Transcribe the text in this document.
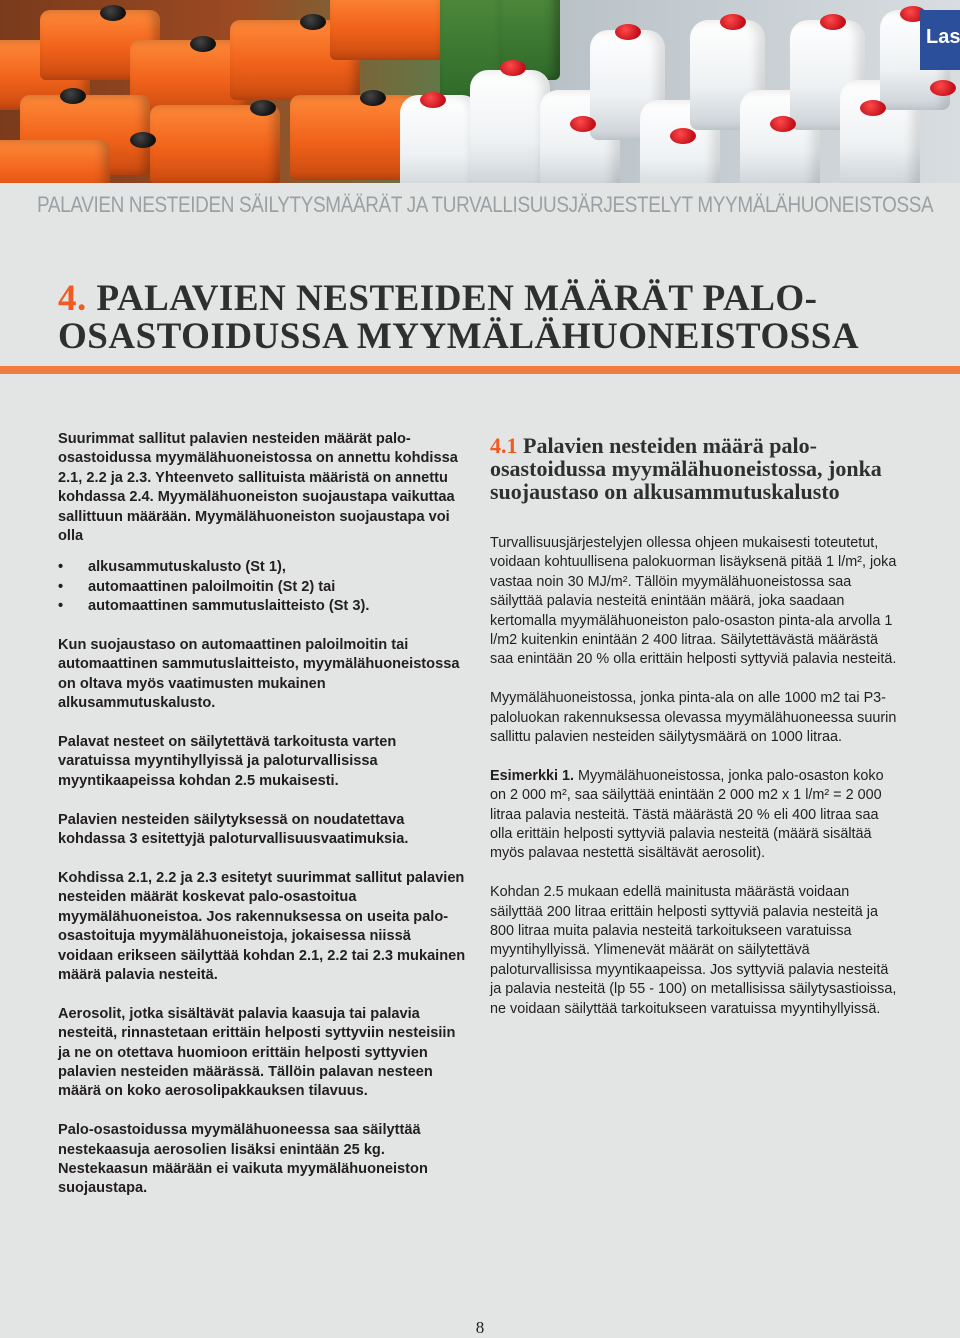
Las
PALAVIEN NESTEIDEN SÄILYTYSMÄÄRÄT JA TURVALLISUUSJÄRJESTELYT MYYMÄLÄHUONEISTOSSA
4. PALAVIEN NESTEIDEN MÄÄRÄT PALO-
OSASTOIDUSSA MYYMÄLÄHUONEISTOSSA

Suurimmat sallitut palavien nesteiden määrät palo-osastoidussa myymälähuoneistossa on annettu kohdissa 2.1, 2.2 ja 2.3. Yhteenveto sallituista määristä on annettu kohdassa 2.4. Myymälähuoneiston suojaustapa vaikuttaa sallittuun määrään. Myymälähuoneiston suojaustapa voi olla

• alkusammutuskalusto (St 1),
• automaattinen paloilmoitin (St 2) tai
• automaattinen sammutuslaitteisto (St 3).

Kun suojaustaso on automaattinen paloilmoitin tai automaattinen sammutuslaitteisto, myymälähuoneistossa on oltava myös vaatimusten mukainen alkusammutuskalusto.

Palavat nesteet on säilytettävä tarkoitusta varten varatuissa myyntihyllyissä ja paloturvallisissa myyntikaapeissa kohdan 2.5 mukaisesti.

Palavien nesteiden säilytyksessä on noudatettava kohdassa 3 esitettyjä paloturvallisuusvaatimuksia.

Kohdissa 2.1, 2.2 ja 2.3 esitetyt suurimmat sallitut palavien nesteiden määrät koskevat palo-osastoitua myymälähuoneistoa. Jos rakennuksessa on useita palo-osastoituja myymälähuoneistoja, jokaisessa niissä voidaan erikseen säilyttää kohdan 2.1, 2.2 tai 2.3 mukainen määrä palavia nesteitä.

Aerosolit, jotka sisältävät palavia kaasuja tai palavia nesteitä, rinnastetaan erittäin helposti syttyviin nesteisiin ja ne on otettava huomioon erittäin helposti syttyvien palavien nesteiden määrässä. Tällöin palavan nesteen määrä on koko aerosolipakkauksen tilavuus.

Palo-osastoidussa myymälähuoneessa saa säilyttää nestekaasuja aerosolien lisäksi enintään 25 kg. Nestekaasun määrään ei vaikuta myymälähuoneiston suojaustapa.

4.1 Palavien nesteiden määrä palo-osastoidussa myymälähuoneistossa, jonka suojaustaso on alkusammutuskalusto

Turvallisuusjärjestelyjen ollessa ohjeen mukaisesti toteutetut, voidaan kohtuullisena palokuorman lisäyksenä pitää 1 l/m², joka vastaa noin 30 MJ/m². Tällöin myymälähuoneistossa saa säilyttää palavia nesteitä enintään määrä, joka saadaan kertomalla myymälähuoneiston palo-osaston pinta-ala arvolla 1 l/m2 kuitenkin enintään 2 400 litraa. Säilytettävästä määrästä saa enintään 20 % olla erittäin helposti syttyviä palavia nesteitä.

Myymälähuoneistossa, jonka pinta-ala on alle 1000 m2 tai P3-paloluokan rakennuksessa olevassa myymälähuoneessa suurin sallittu palavien nesteiden säilytysmäärä on 1000 litraa.

Esimerkki 1. Myymälähuoneistossa, jonka palo-osaston koko on 2 000 m², saa säilyttää enintään 2 000 m2 x 1 l/m² = 2 000 litraa palavia nesteitä. Tästä määrästä 20 % eli 400 litraa saa olla erittäin helposti syttyviä palavia nesteitä (määrä sisältää myös palavaa nestettä sisältävät aerosolit).

Kohdan 2.5 mukaan edellä mainitusta määrästä voidaan säilyttää 200 litraa erittäin helposti syttyviä palavia nesteitä ja 800 litraa muita palavia nesteitä tarkoitukseen varatuissa myyntihyllyissä. Ylimenevät määrät on säilytettävä paloturvallisissa myyntikaapeissa. Jos syttyviä palavia nesteitä ja palavia nesteitä (lp 55 - 100) on metallisissa säilytysastioissa, ne voidaan säilyttää tarkoitukseen varatuissa myyntihyllyissä.

8
